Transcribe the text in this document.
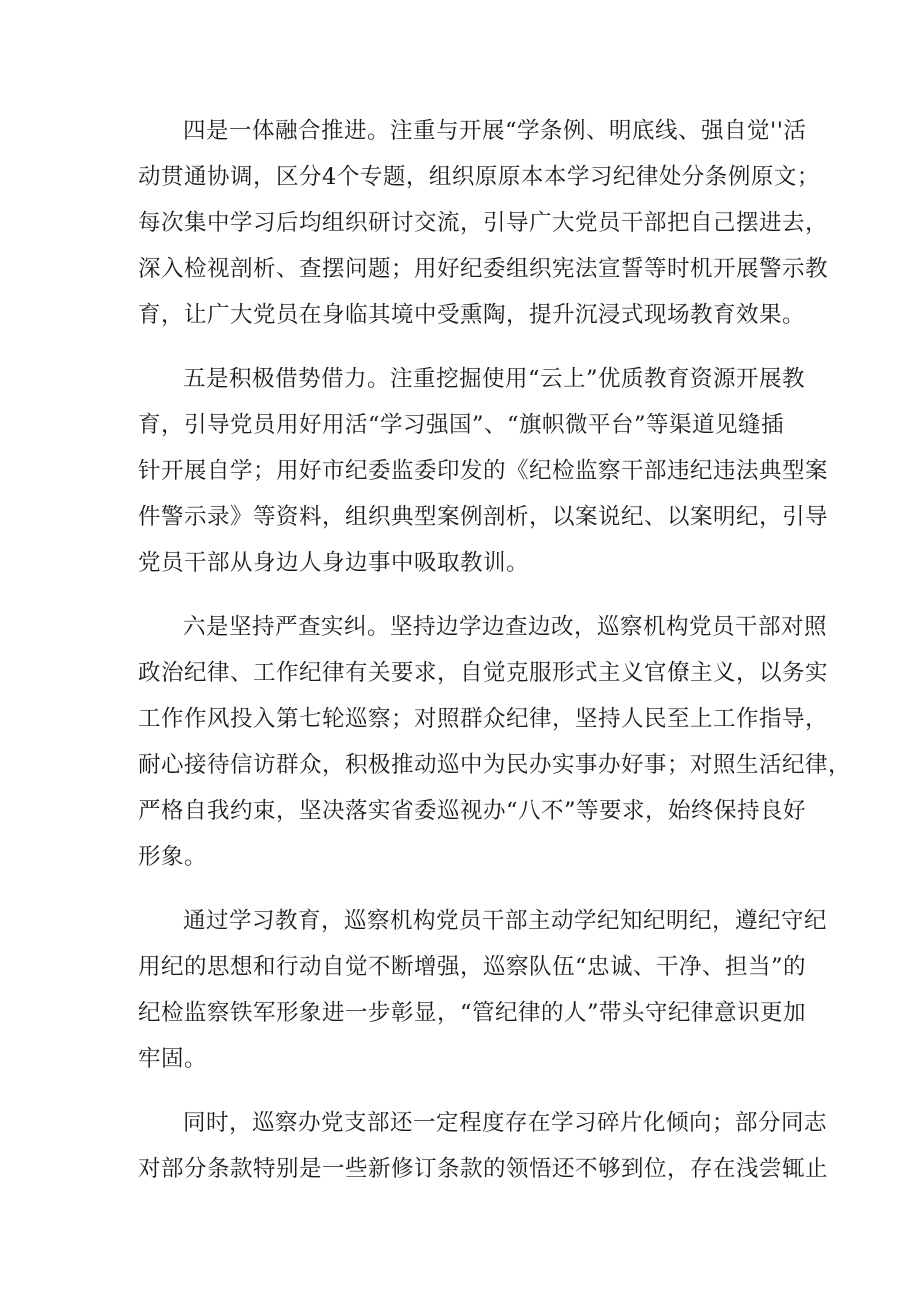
四是一体融合推进。注重与开展“学条例、明底线、强自觉''活
动贯通协调，区分4个专题，组织原原本本学习纪律处分条例原文；
每次集中学习后均组织研讨交流，引导广大党员干部把自己摆进去，
深入检视剖析、查摆问题；用好纪委组织宪法宣誓等时机开展警示教
育，让广大党员在身临其境中受熏陶，提升沉浸式现场教育效果。
五是积极借势借力。注重挖掘使用“云上”优质教育资源开展教
育，引导党员用好用活“学习强国”、“旗帜微平台”等渠道见缝插
针开展自学；用好市纪委监委印发的《纪检监察干部违纪违法典型案
件警示录》等资料，组织典型案例剖析，以案说纪、以案明纪，引导
党员干部从身边人身边事中吸取教训。
六是坚持严查实纠。坚持边学边查边改，巡察机构党员干部对照
政治纪律、工作纪律有关要求，自觉克服形式主义官僚主义，以务实
工作作风投入第七轮巡察；对照群众纪律，坚持人民至上工作指导，
耐心接待信访群众，积极推动巡中为民办实事办好事；对照生活纪律，
严格自我约束，坚决落实省委巡视办“八不”等要求，始终保持良好
形象。
通过学习教育，巡察机构党员干部主动学纪知纪明纪，遵纪守纪
用纪的思想和行动自觉不断增强，巡察队伍“忠诚、干净、担当”的
纪检监察铁军形象进一步彰显，“管纪律的人”带头守纪律意识更加
牢固。
同时，巡察办党支部还一定程度存在学习碎片化倾向；部分同志
对部分条款特别是一些新修订条款的领悟还不够到位，存在浅尝辄止
